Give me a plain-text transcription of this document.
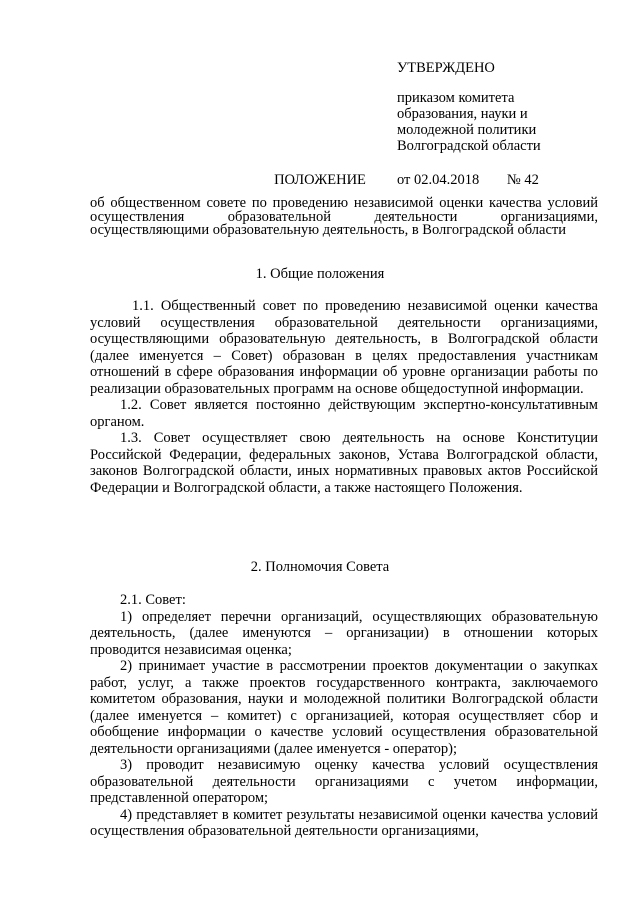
УТВЕРЖДЕНО
приказом комитета
образования, науки и
молодежной политики
Волгоградской области
от 02.04.2018 № 42
ПОЛОЖЕНИЕ
об общественном совете по проведению независимой оценки качества условий осуществления образовательной деятельности организациями, осуществляющими образовательную деятельность, в Волгоградской области
1. Общие положения

1.1. Общественный совет по проведению независимой оценки качества условий осуществления образовательной деятельности организациями, осуществляющими образовательную деятельность, в Волгоградской области (далее именуется – Совет) образован в целях предоставления участникам отношений в сфере образования информации об уровне организации работы по реализации образовательных программ на основе общедоступной информации.

1.2. Совет является постоянно действующим экспертно-консультативным органом.

1.3. Совет осуществляет свою деятельность на основе Конституции Российской Федерации, федеральных законов, Устава Волгоградской области, законов Волгоградской области, иных нормативных правовых актов Российской Федерации и Волгоградской области, а также настоящего Положения.

2. Полномочия Совета

2.1. Совет:

1) определяет перечни организаций, осуществляющих образовательную деятельность, (далее именуются – организации) в отношении которых проводится независимая оценка;

2) принимает участие в рассмотрении проектов документации о закупках работ, услуг, а также проектов государственного контракта, заключаемого комитетом образования, науки и молодежной политики Волгоградской области (далее именуется – комитет) с организацией, которая осуществляет сбор и обобщение информации о качестве условий осуществления образовательной деятельности организациями (далее именуется - оператор);

3) проводит независимую оценку качества условий осуществления образовательной деятельности организациями с учетом информации, представленной оператором;

4) представляет в комитет результаты независимой оценки качества условий осуществления образовательной деятельности организациями,
